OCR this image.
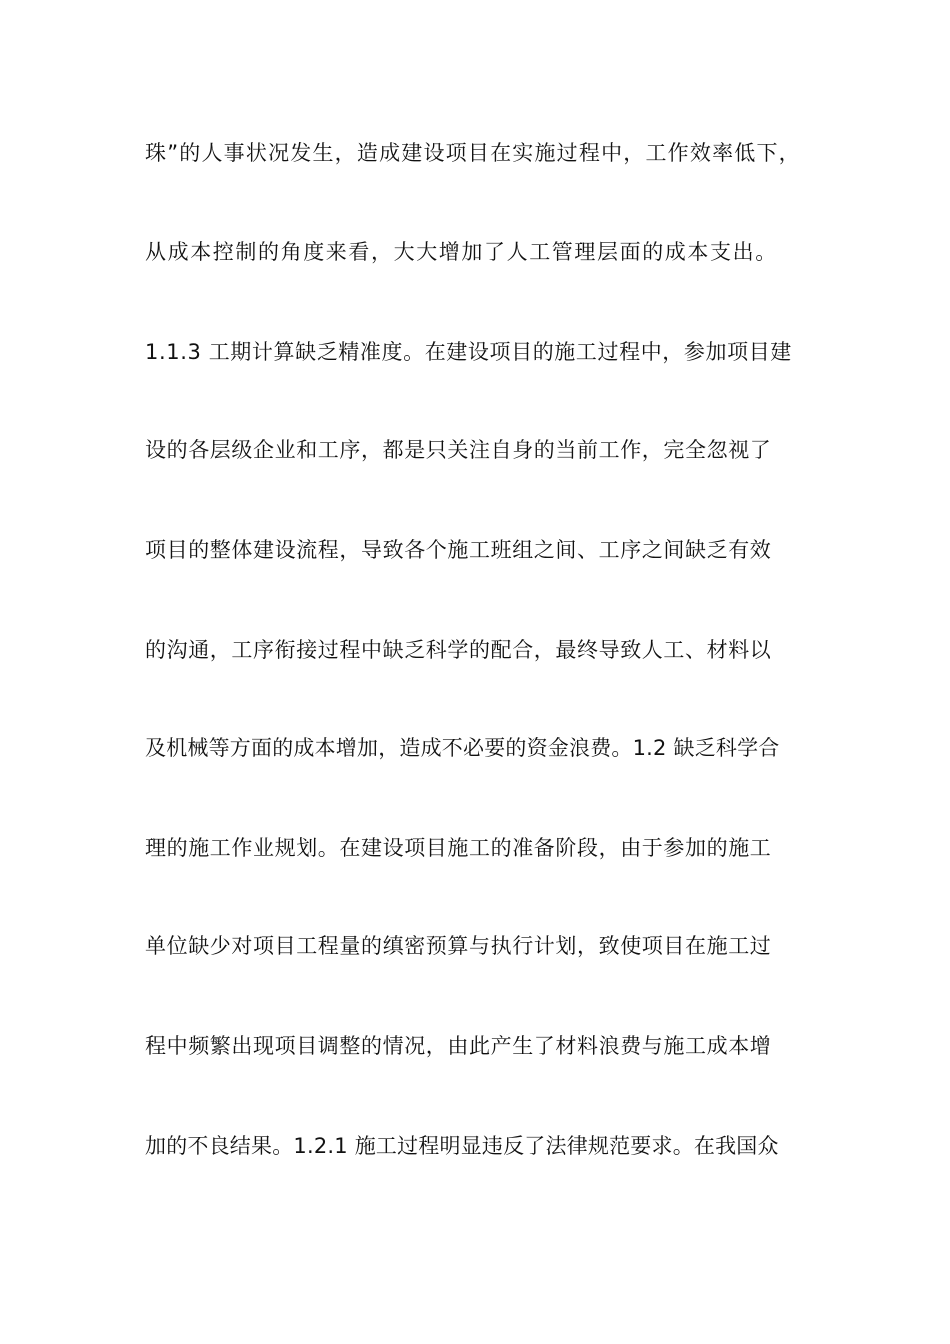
珠”的人事状况发生，造成建设项目在实施过程中，工作效率低下，
从成本控制的角度来看，大大增加了人工管理层面的成本支出。
1.1.3 工期计算缺乏精准度。在建设项目的施工过程中，参加项目建
设的各层级企业和工序，都是只关注自身的当前工作，完全忽视了
项目的整体建设流程，导致各个施工班组之间、工序之间缺乏有效
的沟通，工序衔接过程中缺乏科学的配合，最终导致人工、材料以
及机械等方面的成本增加，造成不必要的资金浪费。1.2 缺乏科学合
理的施工作业规划。在建设项目施工的准备阶段，由于参加的施工
单位缺少对项目工程量的缜密预算与执行计划，致使项目在施工过
程中频繁出现项目调整的情况，由此产生了材料浪费与施工成本增
加的不良结果。1.2.1 施工过程明显违反了法律规范要求。在我国众
